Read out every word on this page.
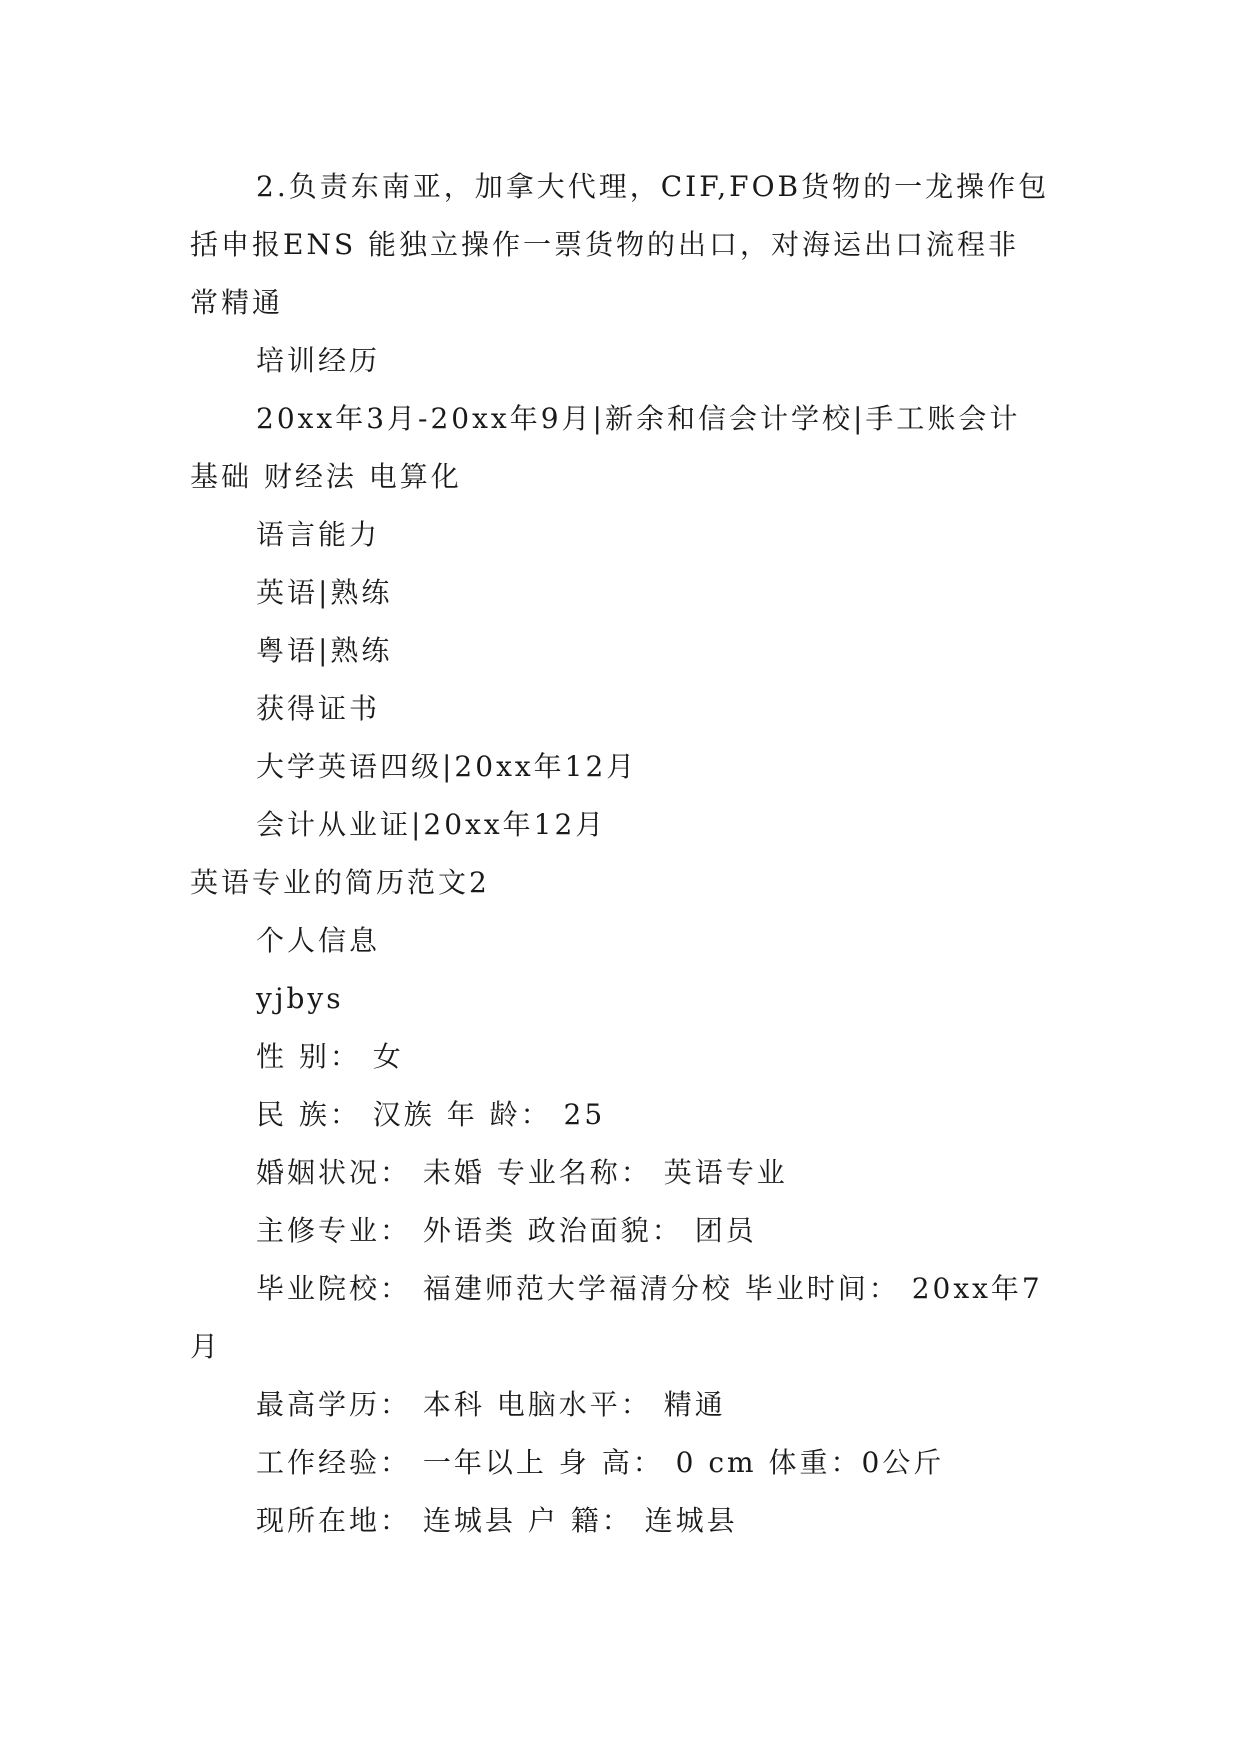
2.负责东南亚，加拿大代理，CIF,FOB货物的一龙操作包括申报ENS 能独立操作一票货物的出口，对海运出口流程非常精通

培训经历

20xx年3月-20xx年9月|新余和信会计学校|手工账会计基础 财经法 电算化

语言能力

英语|熟练

粤语|熟练

获得证书

大学英语四级|20xx年12月

会计从业证|20xx年12月

英语专业的简历范文2

个人信息

yjbys

性 别： 女

民 族： 汉族 年 龄： 25

婚姻状况： 未婚 专业名称： 英语专业

主修专业： 外语类 政治面貌： 团员

毕业院校： 福建师范大学福清分校 毕业时间： 20xx年7 月

最高学历： 本科 电脑水平： 精通

工作经验： 一年以上 身 高： 0 cm 体重：0公斤

现所在地： 连城县 户 籍： 连城县
